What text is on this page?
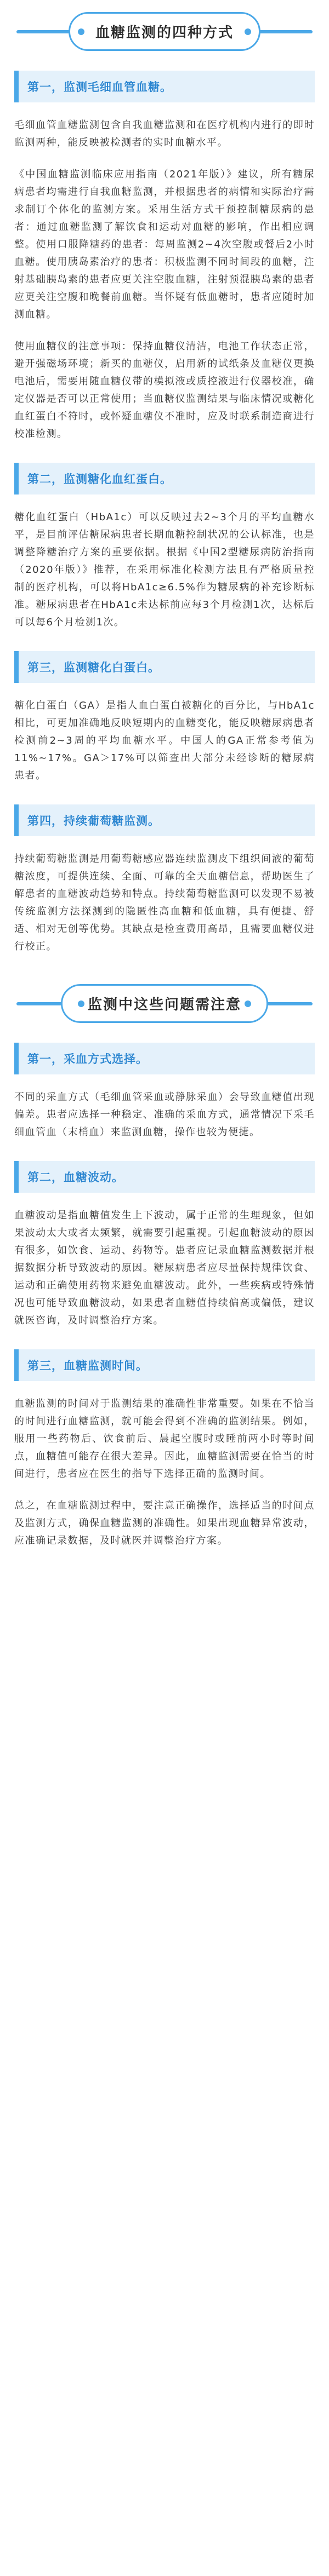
血糖监测的四种方式
第一，监测毛细血管血糖。

毛细血管血糖监测包含自我血糖监测和在医疗机构内进行的即时监测两种，能反映被检测者的实时血糖水平。

《中国血糖监测临床应用指南（2021年版）》建议，所有糖尿病患者均需进行自我血糖监测，并根据患者的病情和实际治疗需求制订个体化的监测方案。采用生活方式干预控制糖尿病的患者：通过血糖监测了解饮食和运动对血糖的影响，作出相应调整。使用口服降糖药的患者：每周监测2~4次空腹或餐后2小时血糖。使用胰岛素治疗的患者：积极监测不同时间段的血糖，注射基础胰岛素的患者应更关注空腹血糖，注射预混胰岛素的患者应更关注空腹和晚餐前血糖。当怀疑有低血糖时，患者应随时加测血糖。

使用血糖仪的注意事项：保持血糖仪清洁，电池工作状态正常，避开强磁场环境；新买的血糖仪，启用新的试纸条及血糖仪更换电池后，需要用随血糖仪带的模拟液或质控液进行仪器校准，确定仪器是否可以正常使用；当血糖仪监测结果与临床情况或糖化血红蛋白不符时，或怀疑血糖仪不准时，应及时联系制造商进行校准检测。

第二，监测糖化血红蛋白。

糖化血红蛋白（HbA1c）可以反映过去2~3个月的平均血糖水平，是目前评估糖尿病患者长期血糖控制状况的公认标准，也是调整降糖治疗方案的重要依据。根据《中国2型糖尿病防治指南（2020年版）》推荐，在采用标准化检测方法且有严格质量控制的医疗机构，可以将HbA1c≥6.5%作为糖尿病的补充诊断标准。糖尿病患者在HbA1c未达标前应每3个月检测1次，达标后可以每6个月检测1次。

第三，监测糖化白蛋白。

糖化白蛋白（GA）是指人血白蛋白被糖化的百分比，与HbA1c相比，可更加准确地反映短期内的血糖变化，能反映糖尿病患者检测前2~3周的平均血糖水平。中国人的GA正常参考值为11%~17%。GA＞17%可以筛查出大部分未经诊断的糖尿病患者。

第四，持续葡萄糖监测。

持续葡萄糖监测是用葡萄糖感应器连续监测皮下组织间液的葡萄糖浓度，可提供连续、全面、可靠的全天血糖信息，帮助医生了解患者的血糖波动趋势和特点。持续葡萄糖监测可以发现不易被传统监测方法探测到的隐匿性高血糖和低血糖，具有便捷、舒适、相对无创等优势。其缺点是检查费用高昂，且需要血糖仪进行校正。

监测中这些问题需注意
第一，采血方式选择。

不同的采血方式（毛细血管采血或静脉采血）会导致血糖值出现偏差。患者应选择一种稳定、准确的采血方式，通常情况下采毛细血管血（末梢血）来监测血糖，操作也较为便捷。

第二，血糖波动。

血糖波动是指血糖值发生上下波动，属于正常的生理现象，但如果波动太大或者太频繁，就需要引起重视。引起血糖波动的原因有很多，如饮食、运动、药物等。患者应记录血糖监测数据并根据数据分析导致波动的原因。糖尿病患者应尽量保持规律饮食、运动和正确使用药物来避免血糖波动。此外，一些疾病或特殊情况也可能导致血糖波动，如果患者血糖值持续偏高或偏低，建议就医咨询，及时调整治疗方案。

第三，血糖监测时间。

血糖监测的时间对于监测结果的准确性非常重要。如果在不恰当的时间进行血糖监测，就可能会得到不准确的监测结果。例如，服用一些药物后、饮食前后、晨起空腹时或睡前两小时等时间点，血糖值可能存在很大差异。因此，血糖监测需要在恰当的时间进行，患者应在医生的指导下选择正确的监测时间。

总之，在血糖监测过程中，要注意正确操作，选择适当的时间点及监测方式，确保血糖监测的准确性。如果出现血糖异常波动，应准确记录数据，及时就医并调整治疗方案。
